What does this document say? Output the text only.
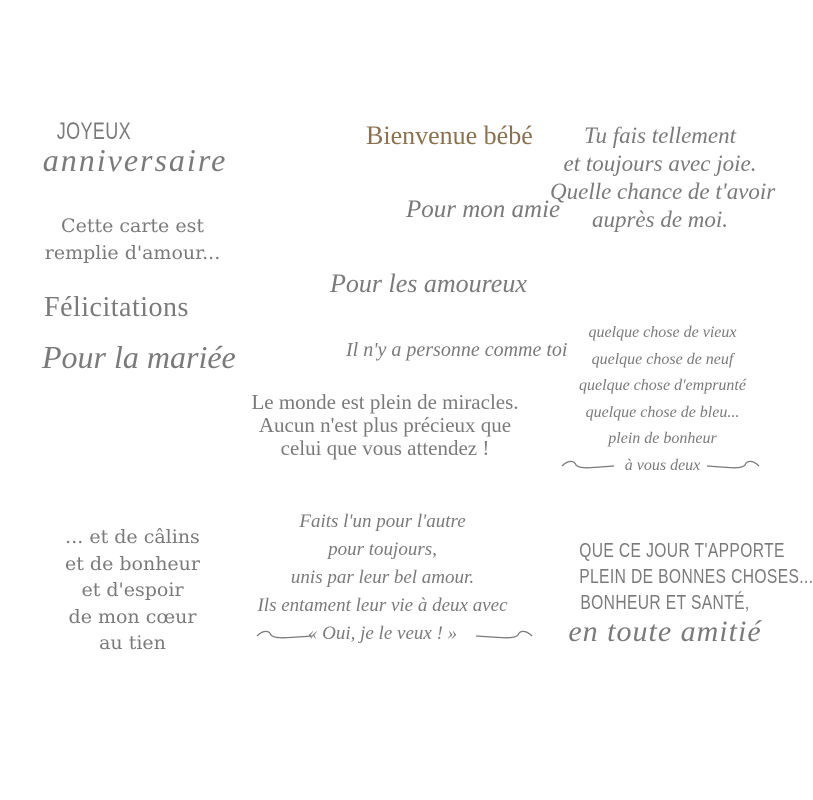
JOYEUX
anniversaire
Cette carte est
remplie d'amour...
Félicitations
Pour la mariée
Bienvenue bébé
Pour mon amie
Pour les amoureux
Il n'y a personne comme toi
Le monde est plein de miracles.
Aucun n'est plus précieux que
celui que vous attendez !
Tu fais tellement
et toujours avec joie.
Quelle chance de t'avoir
auprès de moi.
quelque chose de vieux
quelque chose de neuf
quelque chose d'emprunté
quelque chose de bleu...
plein de bonheur
à vous deux
... et de câlins
et de bonheur
et d'espoir
de mon cœur
au tien
Faits l'un pour l'autre
pour toujours,
unis par leur bel amour.
Ils entament leur vie à deux avec
« Oui, je le veux ! »
QUE CE JOUR T'APPORTE
PLEIN DE BONNES CHOSES...
BONHEUR ET SANTÉ,
en toute amitié
